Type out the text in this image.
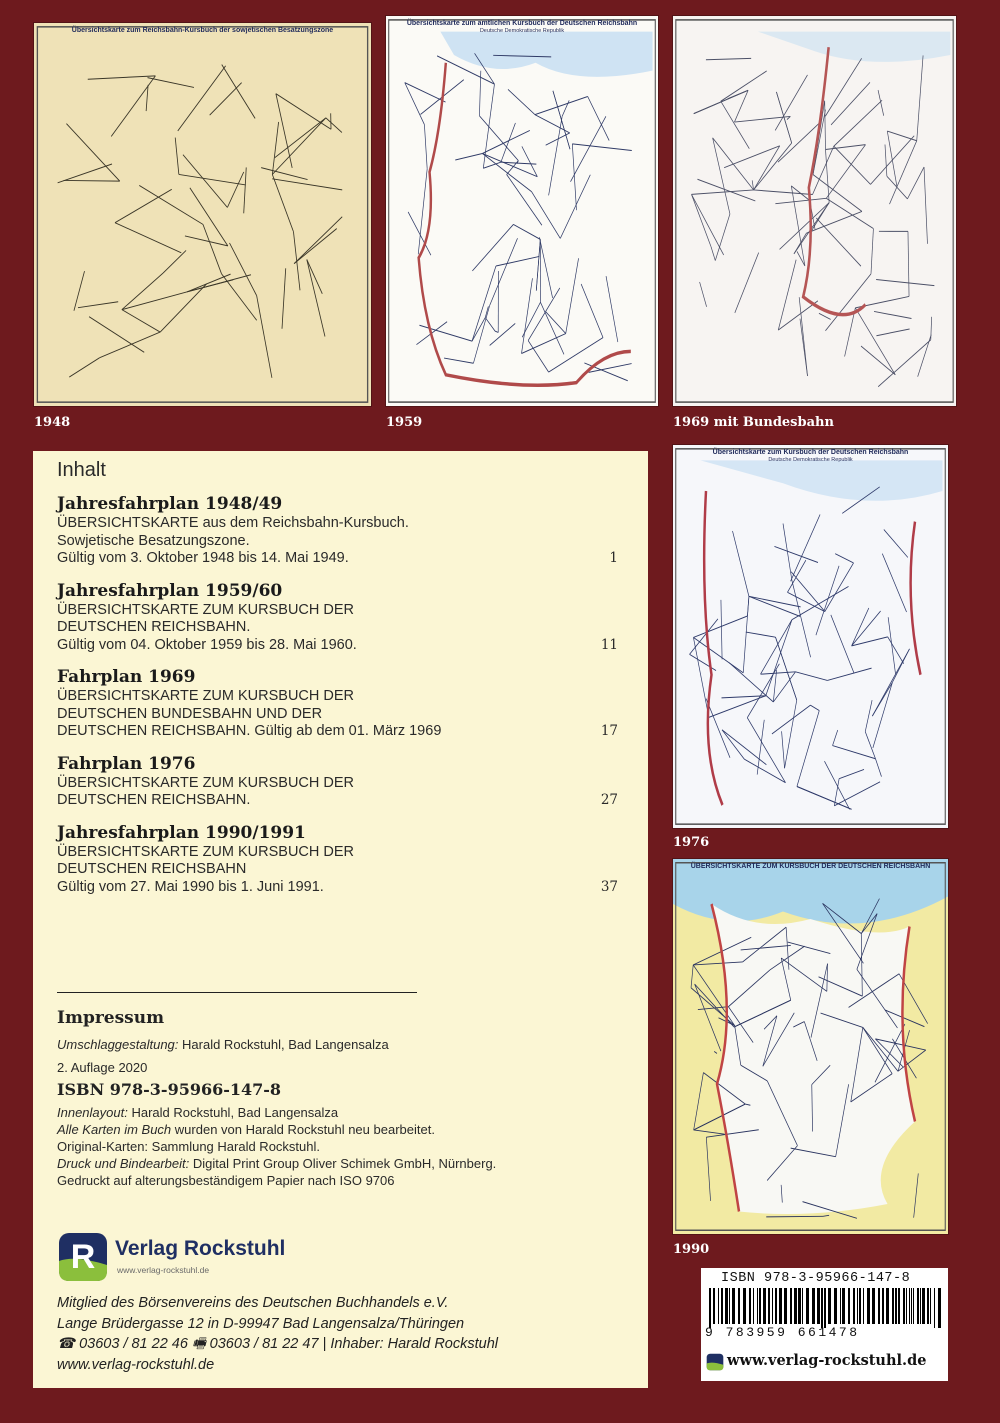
Übersichtskarte zum Reichsbahn-Kursbuch der sowjetischen Besatzungszone
1948
Übersichtskarte zum amtlichen Kursbuch der Deutschen Reichsbahn
Deutsche Demokratische Republik
1959	1969 mit Bundesbahn
Übersichtskarte zum Kursbuch der Deutschen Reichsbahn
Deutsche Demokratische Republik
1976
ÜBERSICHTSKARTE ZUM KURSBUCH DER DEUTSCHEN REICHSBAHN
1990
Inhalt
Jahresfahrplan 1948/49
ÜBERSICHTSKARTE aus dem Reichsbahn-Kursbuch.
Sowjetische Besatzungszone.
Gültig vom 3. Oktober 1948 bis 14. Mai 1949.	1
Jahresfahrplan 1959/60
ÜBERSICHTSKARTE ZUM KURSBUCH DER
DEUTSCHEN REICHSBAHN.
Gültig vom 04. Oktober 1959 bis 28. Mai 1960.	11
Fahrplan 1969
ÜBERSICHTSKARTE ZUM KURSBUCH DER
DEUTSCHEN BUNDESBAHN UND DER
DEUTSCHEN REICHSBAHN. Gültig ab dem 01. März 1969	17
Fahrplan 1976
ÜBERSICHTSKARTE ZUM KURSBUCH DER
DEUTSCHEN REICHSBAHN.	27
Jahresfahrplan 1990/1991
ÜBERSICHTSKARTE ZUM KURSBUCH DER
DEUTSCHEN REICHSBAHN
Gültig vom 27. Mai 1990 bis 1. Juni 1991.	37
Impressum
Umschlaggestaltung: Harald Rockstuhl, Bad Langensalza
2. Auflage 2020
ISBN 978-3-95966-147-8
Innenlayout: Harald Rockstuhl, Bad Langensalza
Alle Karten im Buch wurden von Harald Rockstuhl neu bearbeitet.
Original-Karten: Sammlung Harald Rockstuhl.
Druck und Bindearbeit: Digital Print Group Oliver Schimek GmbH, Nürnberg.
Gedruckt auf alterungsbeständigem Papier nach ISO 9706
R Verlag Rockstuhl
www.verlag-rockstuhl.de
Mitglied des Börsenvereins des Deutschen Buchhandels e.V.
Lange Brüdergasse 12 in D-99947 Bad Langensalza/Thüringen
☎ 03603 / 81 22 46 🖷 03603 / 81 22 47 | Inhaber: Harald Rockstuhl
www.verlag-rockstuhl.de
ISBN 978-3-95966-147-8
9 783959 661478
www.verlag-rockstuhl.de
